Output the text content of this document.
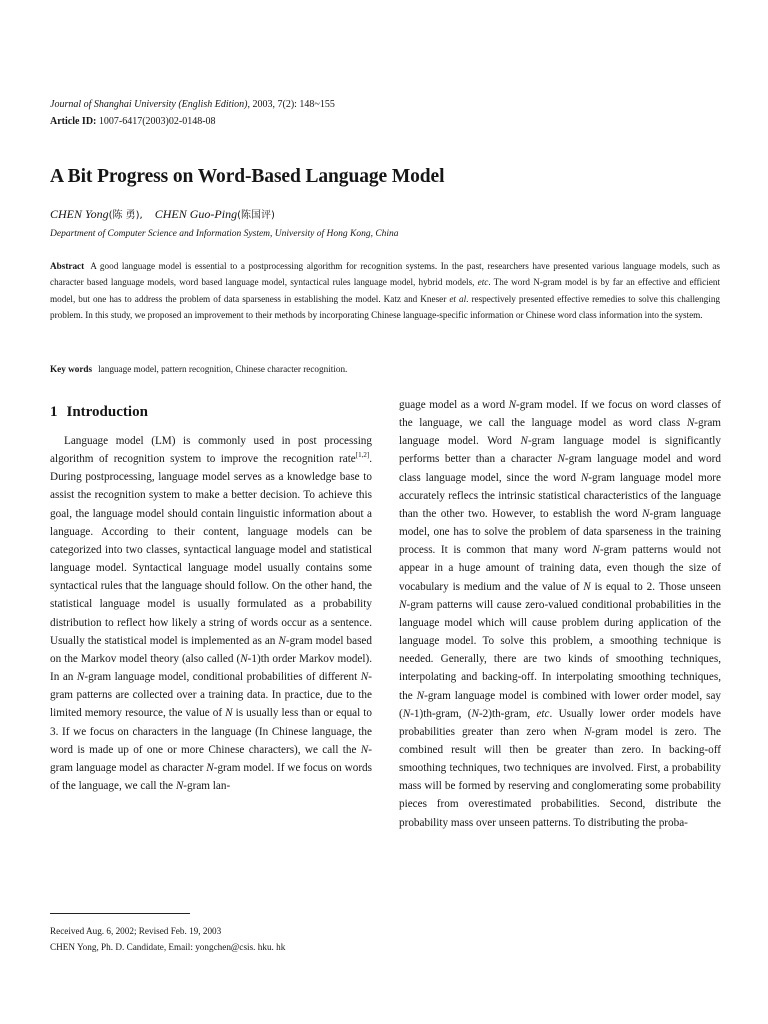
Journal of Shanghai University (English Edition), 2003, 7(2): 148~155
Article ID: 1007-6417(2003)02-0148-08
A Bit Progress on Word-Based Language Model
CHEN Yong(陈 勇), CHEN Guo-Ping(陈国评)
Department of Computer Science and Information System, University of Hong Kong, China
Abstract A good language model is essential to a postprocessing algorithm for recognition systems. In the past, researchers have presented various language models, such as character based language models, word based language model, syntactical rules language model, hybrid models, etc. The word N-gram model is by far an effective and efficient model, but one has to address the problem of data sparseness in establishing the model. Katz and Kneser et al. respectively presented effective remedies to solve this challenging problem. In this study, we proposed an improvement to their methods by incorporating Chinese language-specific information or Chinese word class information into the system.
Key words language model, pattern recognition, Chinese character recognition.
1 Introduction

Language model (LM) is commonly used in post processing algorithm of recognition system to improve the recognition rate[1,2]. During postprocessing, language model serves as a knowledge base to assist the recognition system to make a better decision. To achieve this goal, the language model should contain linguistic information about a language. According to their content, language models can be categorized into two classes, syntactical language model and statistical language model. Syntactical language model usually contains some syntactical rules that the language should follow. On the other hand, the statistical language model is usually formulated as a probability distribution to reflect how likely a string of words occur as a sentence. Usually the statistical model is implemented as an N-gram model based on the Markov model theory (also called (N-1)th order Markov model). In an N-gram language model, conditional probabilities of different N-gram patterns are collected over a training data. In practice, due to the limited memory resource, the value of N is usually less than or equal to 3. If we focus on characters in the language (In Chinese language, the word is made up of one or more Chinese characters), we call the N-gram language model as character N-gram model. If we focus on words of the language, we call the N-gram lan-

guage model as a word N-gram model. If we focus on word classes of the language, we call the language model as word class N-gram language model. Word N-gram language model is significantly performs better than a character N-gram language model and word class language model, since the word N-gram language model more accurately reflecs the intrinsic statistical characteristics of the language than the other two. However, to establish the word N-gram language model, one has to solve the problem of data sparseness in the training process. It is common that many word N-gram patterns would not appear in a huge amount of training data, even though the size of vocabulary is medium and the value of N is equal to 2. Those unseen N-gram patterns will cause zero-valued conditional probabilities in the language model which will cause problem during application of the language model. To solve this problem, a smoothing technique is needed. Generally, there are two kinds of smoothing techniques, interpolating and backing-off. In interpolating smoothing techniques, the N-gram language model is combined with lower order model, say (N-1)th-gram, (N-2)th-gram, etc. Usually lower order models have probabilities greater than zero when N-gram model is zero. The combined result will then be greater than zero. In backing-off smoothing techniques, two techniques are involved. First, a probability mass will be formed by reserving and conglomerating some probability pieces from overestimated probabilities. Second, distribute the probability mass over unseen patterns. To distributing the proba-

Received Aug. 6, 2002; Revised Feb. 19, 2003
CHEN Yong, Ph. D. Candidate, Email: yongchen@csis. hku. hk
